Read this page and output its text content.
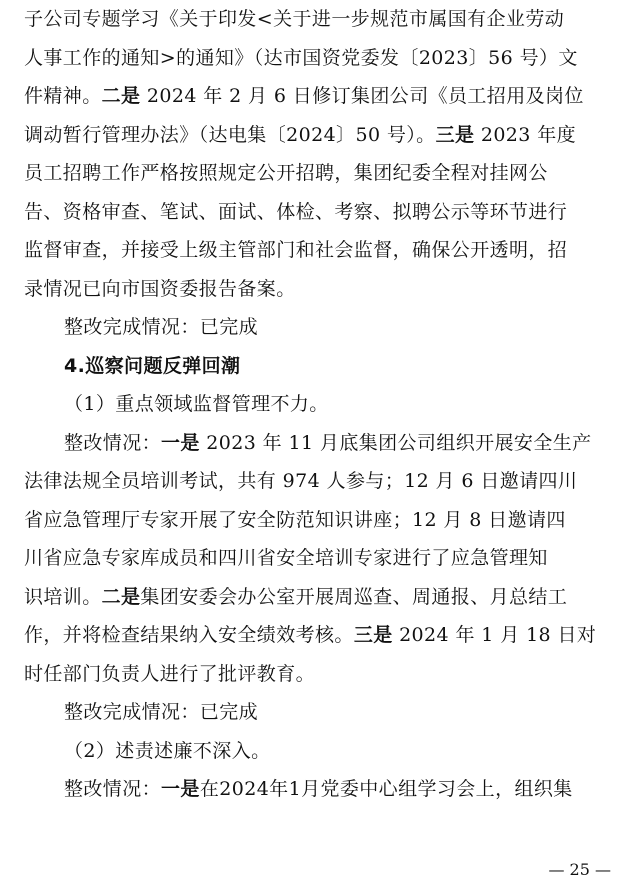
子公司专题学习《关于印发<关于进一步规范市属国有企业劳动
人事工作的通知>的通知》（达市国资党委发〔2023〕56 号）文
件精神。二是 2024 年 2 月 6 日修订集团公司《员工招用及岗位
调动暂行管理办法》（达电集〔2024〕50 号）。三是 2023 年度
员工招聘工作严格按照规定公开招聘，集团纪委全程对挂网公
告、资格审查、笔试、面试、体检、考察、拟聘公示等环节进行
监督审查，并接受上级主管部门和社会监督，确保公开透明，招
录情况已向市国资委报告备案。
整改完成情况：已完成
4.巡察问题反弹回潮
（1）重点领域监督管理不力。
整改情况：一是 2023 年 11 月底集团公司组织开展安全生产
法律法规全员培训考试，共有 974 人参与；12 月 6 日邀请四川
省应急管理厅专家开展了安全防范知识讲座；12 月 8 日邀请四
川省应急专家库成员和四川省安全培训专家进行了应急管理知
识培训。二是集团安委会办公室开展周巡查、周通报、月总结工
作，并将检查结果纳入安全绩效考核。三是 2024 年 1 月 18 日对
时任部门负责人进行了批评教育。
整改完成情况：已完成
（2）述责述廉不深入。
整改情况：一是在2024年1月党委中心组学习会上，组织集
— 25 —
